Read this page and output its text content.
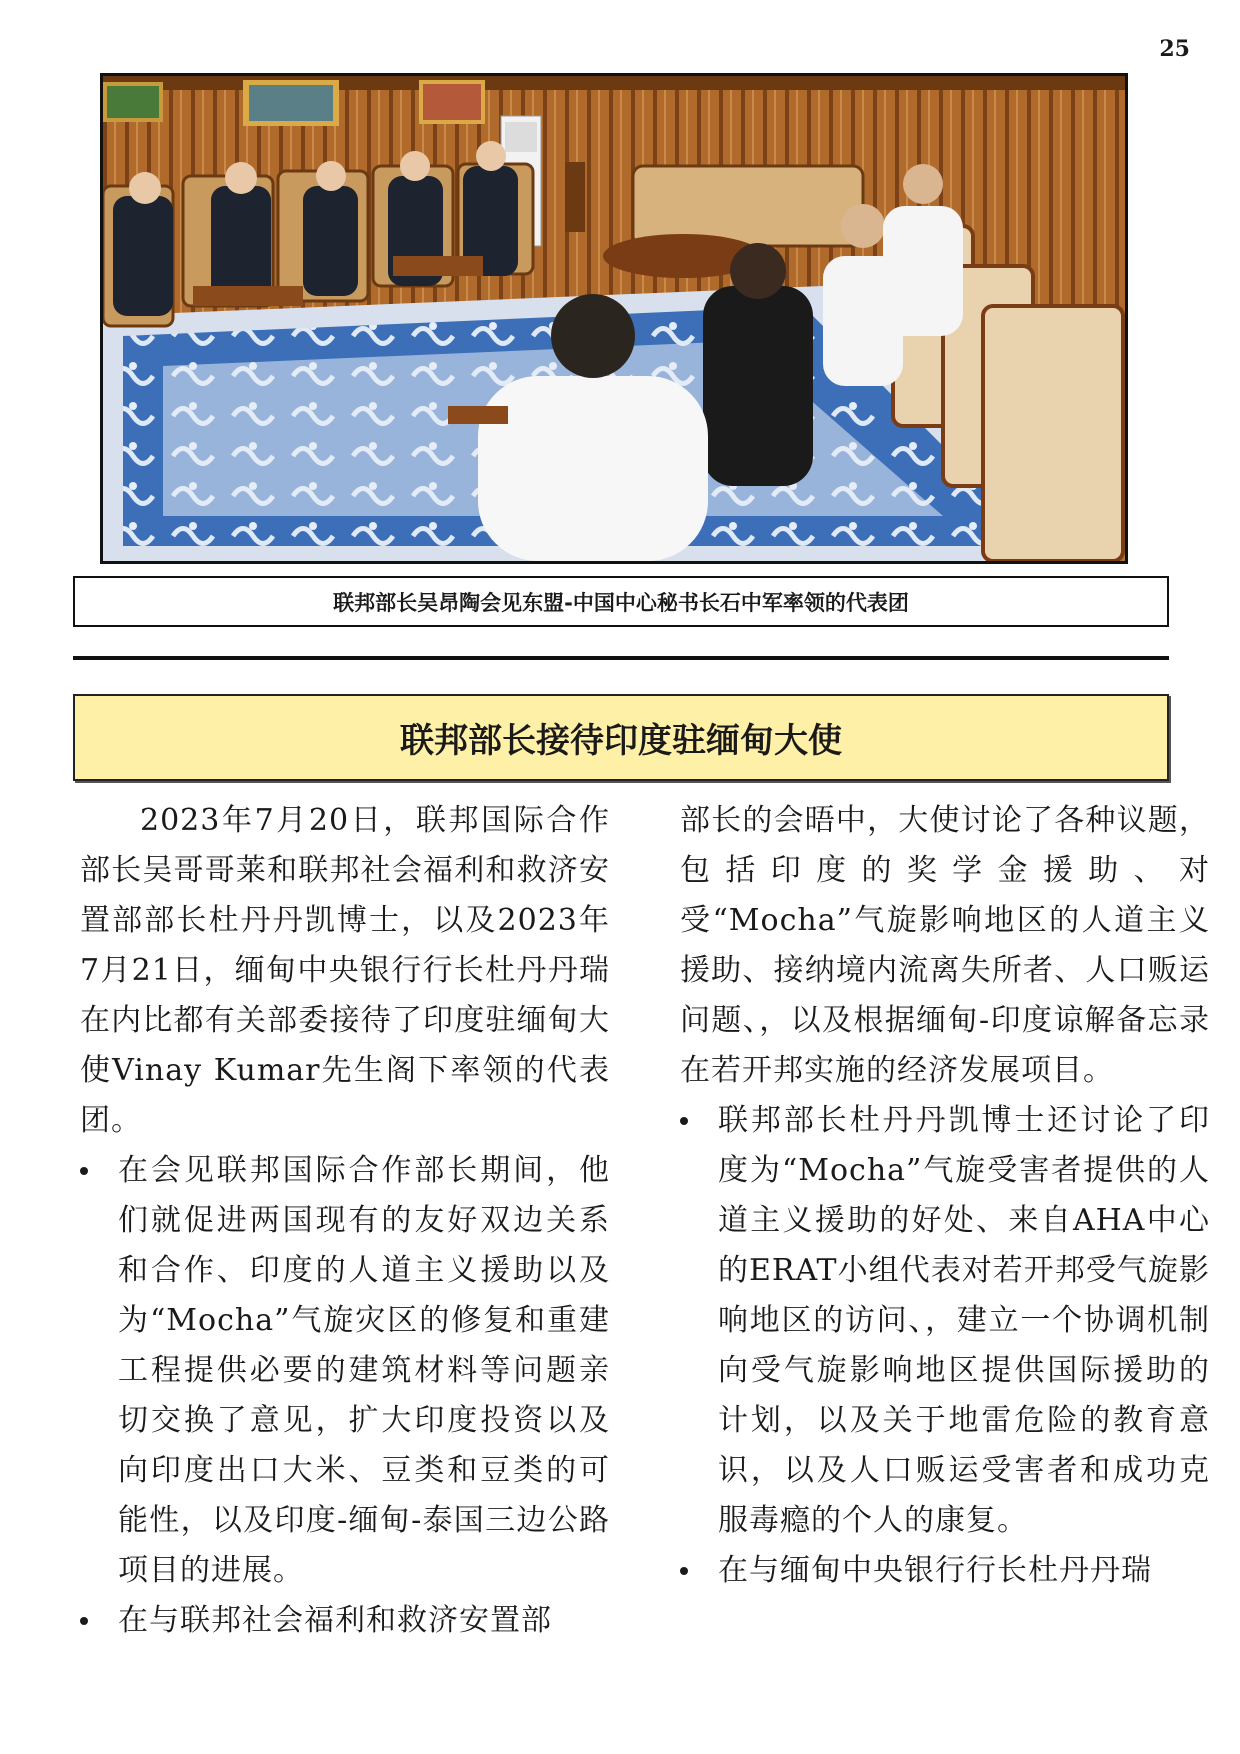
25
联邦部长吴昂陶会见东盟-中国中心秘书长石中军率领的代表团
联邦部长接待印度驻缅甸大使

2023年7月20日，联邦国际合作部长吴哥哥莱和联邦社会福利和救济安置部部长杜丹丹凯博士，以及2023年7月21日，缅甸中央银行行长杜丹丹瑞在内比都有关部委接待了印度驻缅甸大使Vinay Kumar先生阁下率领的代表团。

在会见联邦国际合作部长期间，他们就促进两国现有的友好双边关系和合作、印度的人道主义援助以及为“Mocha”气旋灾区的修复和重建工程提供必要的建筑材料等问题亲切交换了意见，扩大印度投资以及向印度出口大米、豆类和豆类的可能性，以及印度-缅甸-泰国三边公路项目的进展。
在与联邦社会福利和救济安置部

部长的会晤中，大使讨论了各种议题，包括印度的奖学金援助、对受“Mocha”气旋影响地区的人道主义援助、接纳境内流离失所者、人口贩运问题、，以及根据缅甸-印度谅解备忘录在若开邦实施的经济发展项目。

联邦部长杜丹丹凯博士还讨论了印度为“Mocha”气旋受害者提供的人道主义援助的好处、来自AHA中心的ERAT小组代表对若开邦受气旋影响地区的访问、，建立一个协调机制向受气旋影响地区提供国际援助的计划，以及关于地雷危险的教育意识，以及人口贩运受害者和成功克服毒瘾的个人的康复。
在与缅甸中央银行行长杜丹丹瑞
